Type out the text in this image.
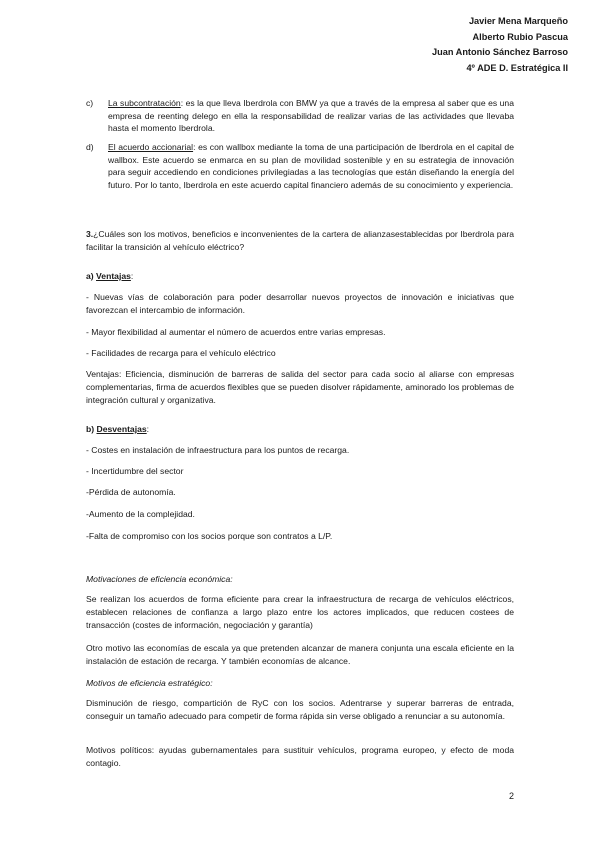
Javier Mena Marqueño
Alberto Rubio Pascua
Juan Antonio Sánchez Barroso
4º ADE D. Estratégica II
c) La subcontratación: es la que lleva Iberdrola con BMW ya que a través de la empresa al saber que es una empresa de reenting delego en ella la responsabilidad de realizar varias de las actividades que llevaba hasta el momento Iberdrola.
d) El acuerdo accionarial: es con wallbox mediante la toma de una participación de Iberdrola en el capital de wallbox. Este acuerdo se enmarca en su plan de movilidad sostenible y en su estrategia de innovación para seguir accediendo en condiciones privilegiadas a las tecnologías que están diseñando la energía del futuro. Por lo tanto, Iberdrola en este acuerdo capital financiero además de su conocimiento y experiencia.
3.¿Cuáles son los motivos, beneficios e inconvenientes de la cartera de alianzasestablecidas por Iberdrola para facilitar la transición al vehículo eléctrico?
a) Ventajas:
- Nuevas vías de colaboración para poder desarrollar nuevos proyectos de innovación e iniciativas que favorezcan el intercambio de información.
- Mayor flexibilidad al aumentar el número de acuerdos entre varias empresas.
- Facilidades de recarga para el vehículo eléctrico
Ventajas: Eficiencia, disminución de barreras de salida del sector para cada socio al aliarse con empresas complementarias, firma de acuerdos flexibles que se pueden disolver rápidamente, aminorado los problemas de integración cultural y organizativa.
b) Desventajas:
- Costes en instalación de infraestructura para los puntos de recarga.
- Incertidumbre del sector
-Pérdida de autonomía.
-Aumento de la complejidad.
-Falta de compromiso con los socios porque son contratos a L/P.
Motivaciones de eficiencia económica:
Se realizan los acuerdos de forma eficiente para crear la infraestructura de recarga de vehículos eléctricos, establecen relaciones de confianza a largo plazo entre los actores implicados, que reducen costees de transacción (costes de información, negociación y garantía)
Otro motivo las economías de escala ya que pretenden alcanzar de manera conjunta una escala eficiente en la instalación de estación de recarga. Y también economías de alcance.
Motivos de eficiencia estratégico:
Disminución de riesgo, compartición de RyC con los socios. Adentrarse y superar barreras de entrada, conseguir un tamaño adecuado para competir de forma rápida sin verse obligado a renunciar a su autonomía.
Motivos políticos: ayudas gubernamentales para sustituir vehículos, programa europeo, y efecto de moda contagio.
2
